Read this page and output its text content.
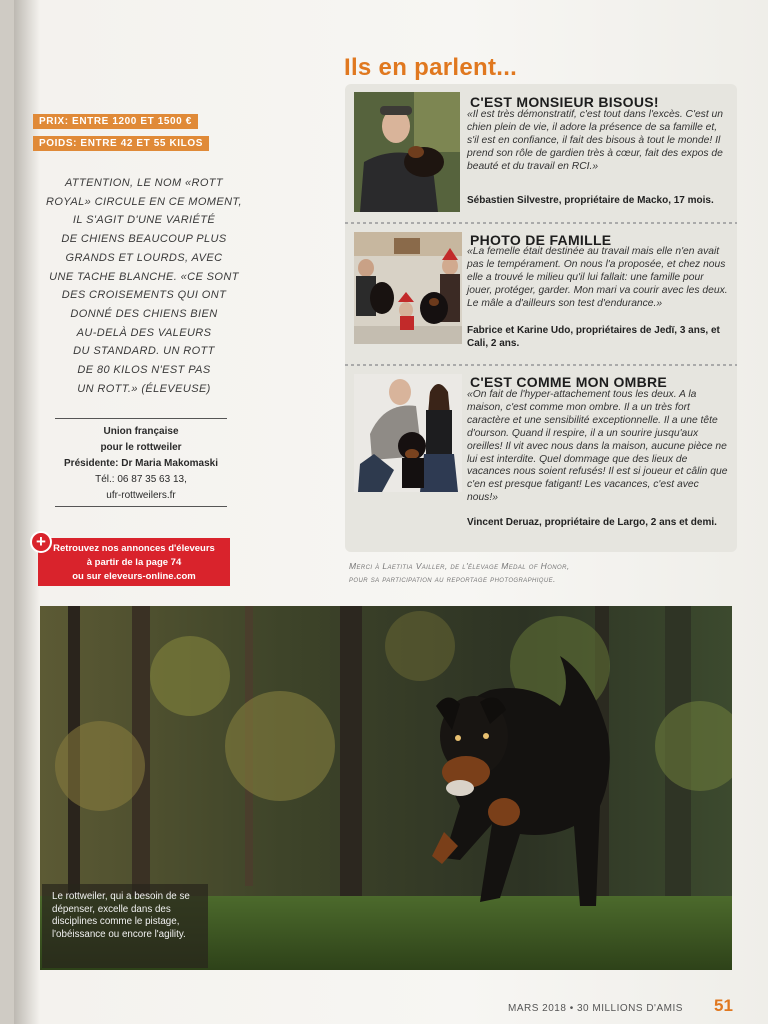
PRIX: ENTRE 1200 ET 1500 €
POIDS: ENTRE 42 ET 55 KILOS
ATTENTION, LE NOM «ROTT
ROYAL» CIRCULE EN CE MOMENT,
IL S'AGIT D'UNE VARIÉTÉ
DE CHIENS BEAUCOUP PLUS
GRANDS ET LOURDS, AVEC
UNE TACHE BLANCHE. «CE SONT
DES CROISEMENTS QUI ONT
DONNÉ DES CHIENS BIEN
AU-DELÀ DES VALEURS
DU STANDARD. UN ROTT
DE 80 KILOS N'EST PAS
UN ROTT.» (ÉLEVEUSE)
Union française
pour le rottweiler
Présidente: Dr Maria Makomaski
Tél.: 06 87 35 63 13,
ufr-rottweilers.fr
Retrouvez nos annonces d'éleveurs
à partir de la page 74
ou sur eleveurs-online.com
+
Ils en parlent...
C'EST MONSIEUR BISOUS!
«Il est très démonstratif, c'est tout dans l'excès. C'est un chien plein de vie, il adore la présence de sa famille et, s'il est en confiance, il fait des bisous à tout le monde! Il prend son rôle de gardien très à cœur, fait des expos de beauté et du travail en RCI.»
Sébastien Silvestre, propriétaire de Macko, 17 mois.
PHOTO DE FAMILLE
«La femelle était destinée au travail mais elle n'en avait pas le tempérament. On nous l'a proposée, et chez nous elle a trouvé le milieu qu'il lui fallait: une famille pour jouer, protéger, garder. Mon mari va courir avec les deux. Le mâle a d'ailleurs son test d'endurance.»
Fabrice et Karine Udo, propriétaires de Jedï, 3 ans, et Cali, 2 ans.
C'EST COMME MON OMBRE
«On fait de l'hyper-attachement tous les deux. A la maison, c'est comme mon ombre. Il a un très fort caractère et une sensibilité exceptionnelle. Il a une tête d'ourson. Quand il respire, il a un sourire jusqu'aux oreilles! Il vit avec nous dans la maison, aucune pièce ne lui est interdite. Quel dommage que des lieux de vacances nous soient refusés! Il est si joueur et câlin que c'en est presque fatigant! Les vacances, c'est avec nous!»
Vincent Deruaz, propriétaire de Largo, 2 ans et demi.
Merci à Laetitia Vailler, de l'élevage Medal of Honor,
pour sa participation au reportage photographique.
Le rottweiler, qui a besoin de se dépenser, excelle dans des disciplines comme le pistage, l'obéissance ou encore l'agility.
MARS 2018 • 30 MILLIONS D'AMIS 51
